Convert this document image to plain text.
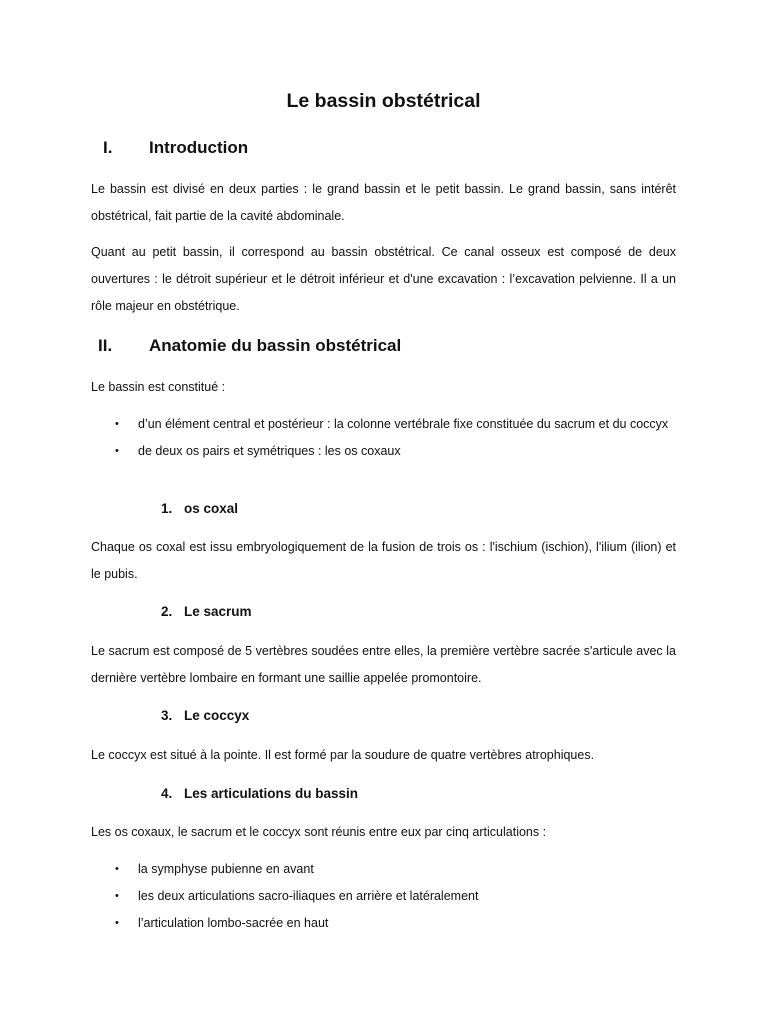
Le bassin obstétrical
I.	Introduction

Le bassin est divisé en deux parties : le grand bassin et le petit bassin. Le grand bassin, sans intérêt obstétrical, fait partie de la cavité abdominale.

Quant au petit bassin, il correspond au bassin obstétrical. Ce canal osseux est composé de deux ouvertures : le détroit supérieur et le détroit inférieur et d'une excavation : l’excavation pelvienne. Il a un rôle majeur en obstétrique.

II.	Anatomie du bassin obstétrical

Le bassin est constitué :

• d’un élément central et postérieur : la colonne vertébrale fixe constituée du sacrum et du coccyx
• de deux os pairs et symétriques : les os coxaux
1. os coxal

Chaque os coxal est issu embryologiquement de la fusion de trois os : l'ischium (ischion), l'ilium (ilion) et le pubis.

2. Le sacrum

Le sacrum est composé de 5 vertèbres soudées entre elles, la première vertèbre sacrée s'articule avec la dernière vertèbre lombaire en formant une saillie appelée promontoire.

3. Le coccyx

Le coccyx est situé à la pointe. Il est formé par la soudure de quatre vertèbres atrophiques.

4. Les articulations du bassin

Les os coxaux, le sacrum et le coccyx sont réunis entre eux par cinq articulations :

• la symphyse pubienne en avant
• les deux articulations sacro-iliaques en arrière et latéralement
• l’articulation lombo-sacrée en haut
